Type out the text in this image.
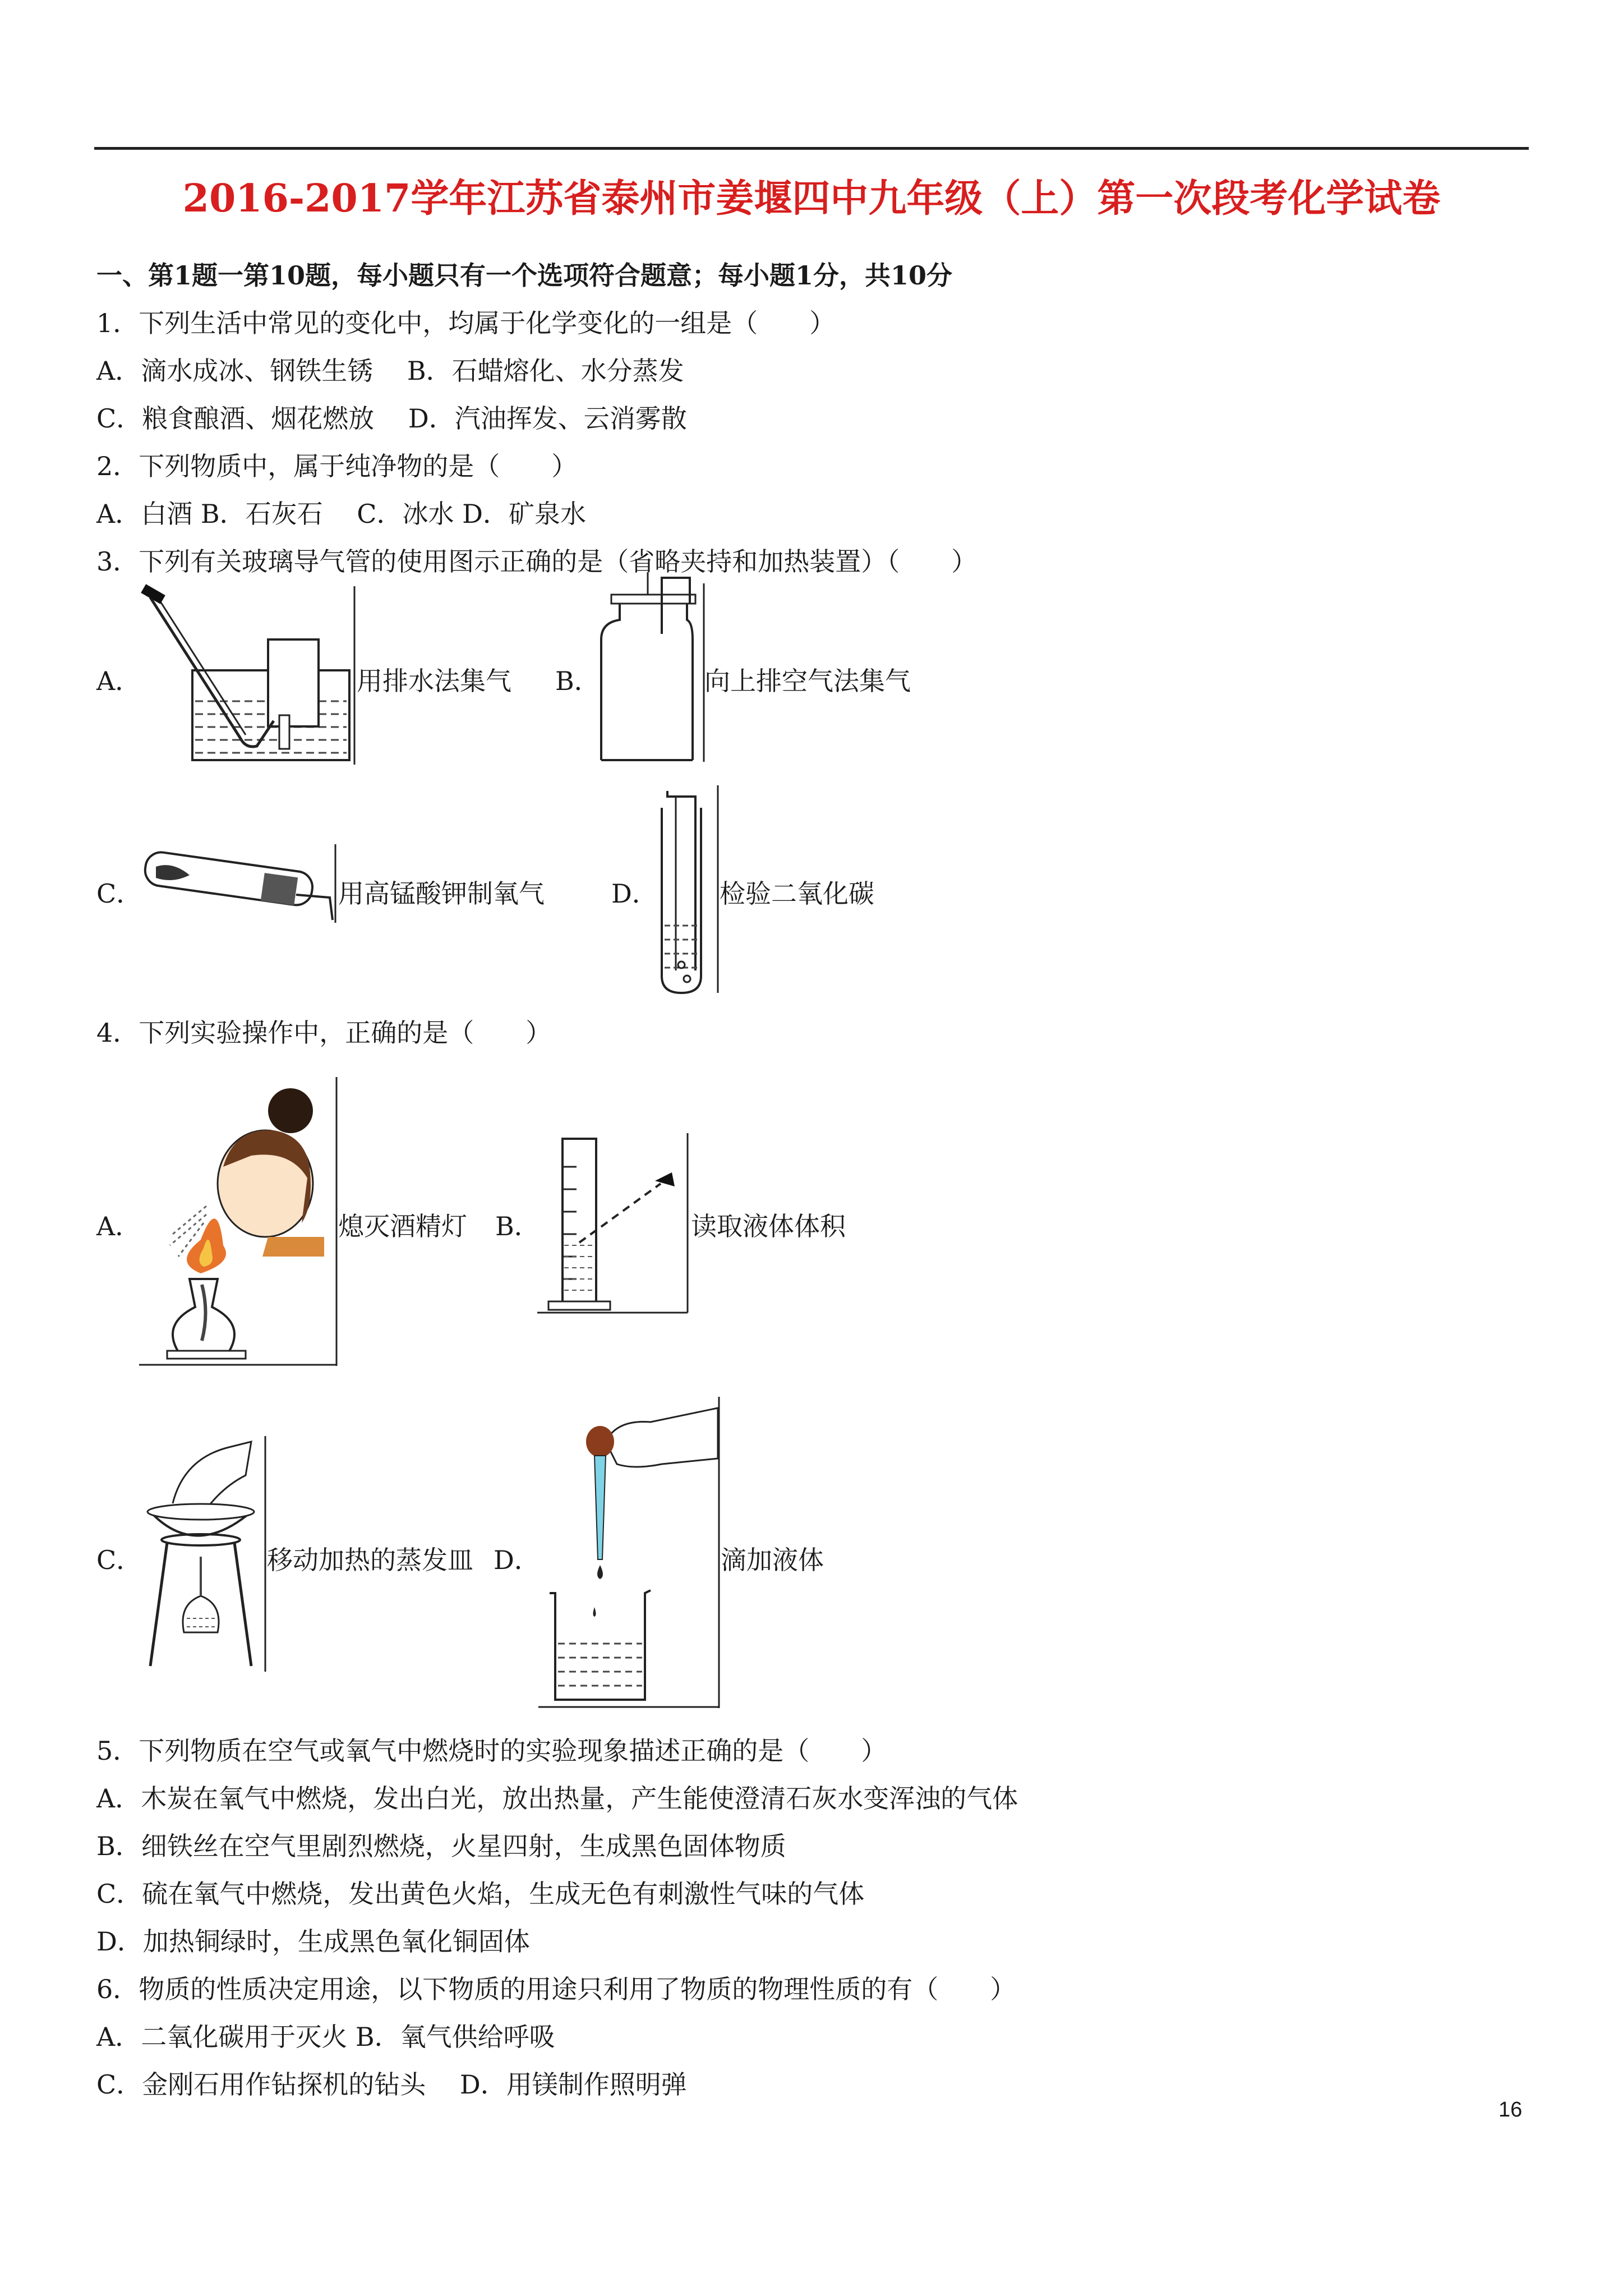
2016-2017学年江苏省泰州市姜堰四中九年级（上）第一次段考化学试卷
一、第1题一第10题，每小题只有一个选项符合题意；每小题1分，共10分
1．下列生活中常见的变化中，均属于化学变化的一组是（　　）
A．滴水成冰、钢铁生锈　 B．石蜡熔化、水分蒸发
C．粮食酿酒、烟花燃放　 D．汽油挥发、云消雾散
2．下列物质中，属于纯净物的是（　　）
A．白酒 B．石灰石　 C．冰水 D．矿泉水
3．下列有关玻璃导气管的使用图示正确的是（省略夹持和加热装置）（　　）
A．	用排水法集气 B．	向上排空气法集气
C．	用高锰酸钾制氧气	D． 检验二氧化碳
4．下列实验操作中，正确的是（　　）
A．	熄灭酒精灯 B．	读取液体体积
C．	移动加热的蒸发皿 D．	滴加液体
5．下列物质在空气或氧气中燃烧时的实验现象描述正确的是（　　）
A．木炭在氧气中燃烧，发出白光，放出热量，产生能使澄清石灰水变浑浊的气体
B．细铁丝在空气里剧烈燃烧，火星四射，生成黑色固体物质
C．硫在氧气中燃烧，发出黄色火焰，生成无色有刺激性气味的气体
D．加热铜绿时，生成黑色氧化铜固体
6．物质的性质决定用途，以下物质的用途只利用了物质的物理性质的有（　　）
A．二氧化碳用于灭火 B．氧气供给呼吸
C．金刚石用作钻探机的钻头　 D．用镁制作照明弹
16
